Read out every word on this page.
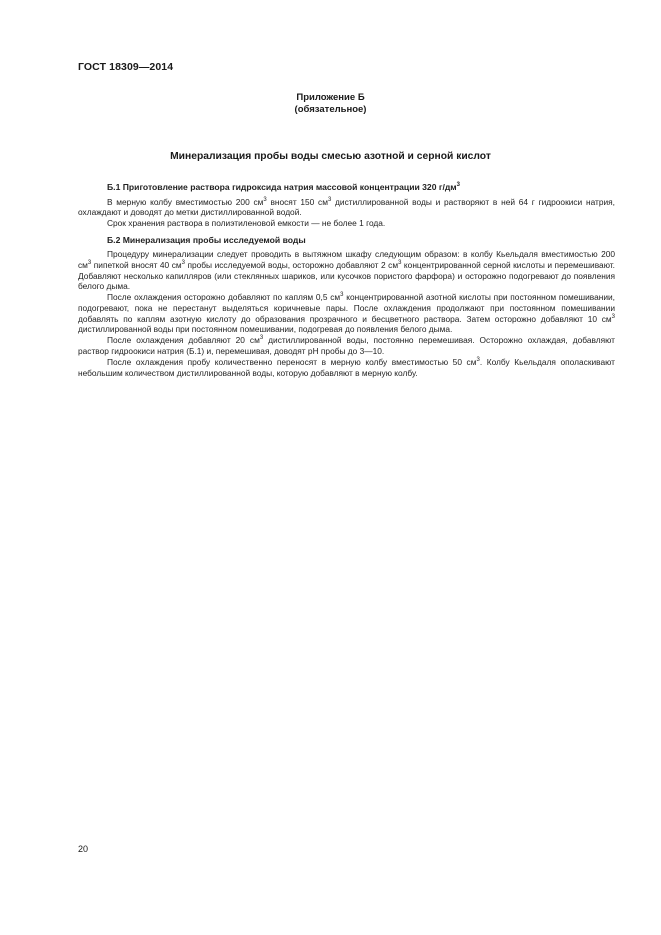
ГОСТ 18309—2014
Приложение Б
(обязательное)
Минерализация пробы воды смесью азотной и серной кислот
Б.1 Приготовление раствора гидроксида натрия массовой концентрации 320 $г/дм^3$

В мерную колбу вместимостью 200 $см^3$ вносят 150 $см^3$ дистиллированной воды и растворяют в ней 64 г гидроокиси натрия, охлаждают и доводят до метки дистиллированной водой.

Срок хранения раствора в полиэтиленовой емкости — не более 1 года.

Б.2 Минерализация пробы исследуемой воды

Процедуру минерализации следует проводить в вытяжном шкафу следующим образом: в колбу Кьельдаля вместимостью 200 $см^3$ пипеткой вносят 40 $см^3$ пробы исследуемой воды, осторожно добавляют 2 $см^3$ концентрированной серной кислоты и перемешивают. Добавляют несколько капилляров (или стеклянных шариков, или кусочков пористого фарфора) и осторожно подогревают до появления белого дыма.

После охлаждения осторожно добавляют по каплям 0,5 $см^3$ концентрированной азотной кислоты при постоянном помешивании, подогревают, пока не перестанут выделяться коричневые пары. После охлаждения продолжают при постоянном помешивании добавлять по каплям азотную кислоту до образования прозрачного и бесцветного раствора. Затем осторожно добавляют 10 $см^3$ дистиллированной воды при постоянном помешивании, подогревая до появления белого дыма.

После охлаждения добавляют 20 $см^3$ дистиллированной воды, постоянно перемешивая. Осторожно охлаждая, добавляют раствор гидроокиси натрия (Б.1) и, перемешивая, доводят pH пробы до 3—10.

После охлаждения пробу количественно переносят в мерную колбу вместимостью 50 $см^3$. Колбу Кьельдаля ополаскивают небольшим количеством дистиллированной воды, которую добавляют в мерную колбу.

20
